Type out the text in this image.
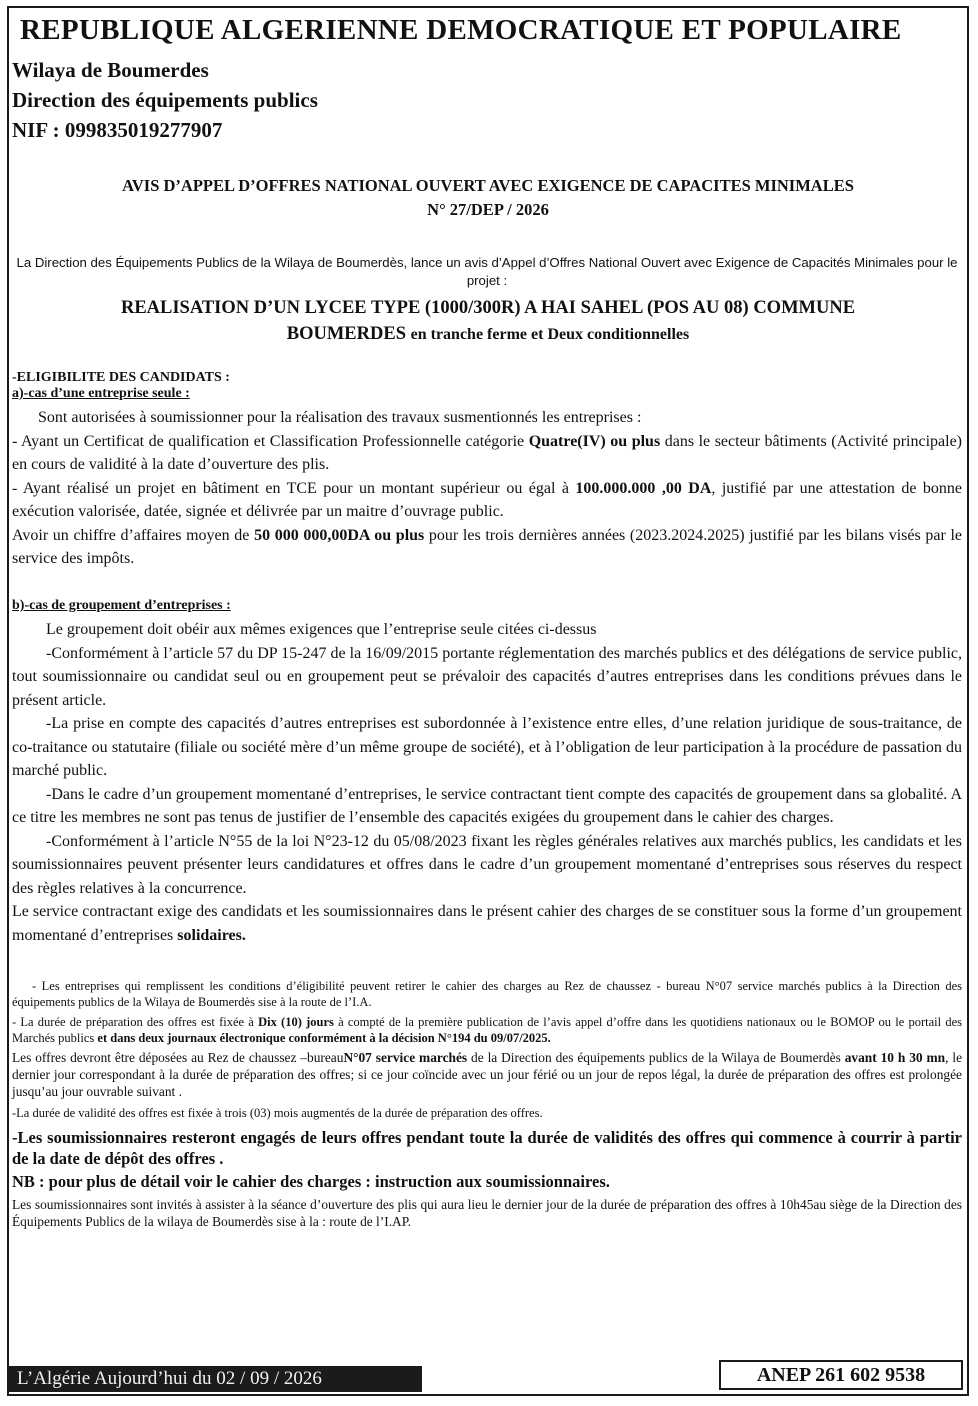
REPUBLIQUE ALGERIENNE DEMOCRATIQUE ET POPULAIRE
Wilaya de Boumerdes
Direction des équipements publics
NIF : 099835019277907
AVIS D’APPEL D’OFFRES NATIONAL OUVERT AVEC EXIGENCE DE CAPACITES MINIMALES
N° 27/DEP / 2026
La Direction des Équipements Publics de la Wilaya de Boumerdès, lance un avis d’Appel d’Offres National Ouvert avec Exigence de Capacités Minimales pour le projet :
REALISATION D’UN LYCEE TYPE (1000/300R) A HAI SAHEL (POS AU 08) COMMUNE
BOUMERDES en tranche ferme et Deux conditionnelles
-ELIGIBILITE DES CANDIDATS :
a)-cas d’une entreprise seule :

Sont autorisées à soumissionner pour la réalisation des travaux susmentionnés les entreprises :

- Ayant un Certificat de qualification et Classification Professionnelle catégorie Quatre(IV) ou plus dans le secteur bâtiments (Activité principale) en cours de validité à la date d’ouverture des plis.

- Ayant réalisé un projet en bâtiment en TCE pour un montant supérieur ou égal à 100.000.000 ,00 DA, justifié par une attestation de bonne exécution valorisée, datée, signée et délivrée par un maitre d’ouvrage public.

Avoir un chiffre d’affaires moyen de 50 000 000,00DA ou plus pour les trois dernières années (2023.2024.2025) justifié par les bilans visés par le service des impôts.

b)-cas de groupement d’entreprises :

Le groupement doit obéir aux mêmes exigences que l’entreprise seule citées ci-dessus

-Conformément à l’article 57 du DP 15-247 de la 16/09/2015 portante réglementation des marchés publics et des délégations de service public, tout soumissionnaire ou candidat seul ou en groupement peut se prévaloir des capacités d’autres entreprises dans les conditions prévues dans le présent article.

-La prise en compte des capacités d’autres entreprises est subordonnée à l’existence entre elles, d’une relation juridique de sous-traitance, de co-traitance ou statutaire (filiale ou société mère d’un même groupe de société), et à l’obligation de leur participation à la procédure de passation du marché public.

-Dans le cadre d’un groupement momentané d’entreprises, le service contractant tient compte des capacités de groupement dans sa globalité. A ce titre les membres ne sont pas tenus de justifier de l’ensemble des capacités exigées du groupement dans le cahier des charges.

-Conformément à l’article N°55 de la loi N°23-12 du 05/08/2023 fixant les règles générales relatives aux marchés publics, les candidats et les soumissionnaires peuvent présenter leurs candidatures et offres dans le cadre d’un groupement momentané d’entreprises sous réserves du respect des règles relatives à la concurrence.

Le service contractant exige des candidats et les soumissionnaires dans le présent cahier des charges de se constituer sous la forme d’un groupement momentané d’entreprises solidaires.

- Les entreprises qui remplissent les conditions d’éligibilité peuvent retirer le cahier des charges au Rez de chaussez - bureau N°07 service marchés publics à la Direction des équipements publics de la Wilaya de Boumerdès sise à la route de l’I.A.

- La durée de préparation des offres est fixée à Dix (10) jours à compté de la première publication de l’avis appel d’offre dans les quotidiens nationaux ou le BOMOP ou le portail des Marchés publics et dans deux journaux électronique conformément à la décision N°194 du 09/07/2025.

Les offres devront être déposées au Rez de chaussez –bureauN°07 service marchés de la Direction des équipements publics de la Wilaya de Boumerdès avant 10 h 30 mn, le dernier jour correspondant à la durée de préparation des offres; si ce jour coïncide avec un jour férié ou un jour de repos légal, la durée de préparation des offres est prolongée jusqu’au jour ouvrable suivant .

-La durée de validité des offres est fixée à trois (03) mois augmentés de la durée de préparation des offres.

-Les soumissionnaires resteront engagés de leurs offres pendant toute la durée de validités des offres qui commence à courrir à partir de la date de dépôt des offres .

NB : pour plus de détail voir le cahier des charges : instruction aux soumissionnaires.

Les soumissionnaires sont invités à assister à la séance d’ouverture des plis qui aura lieu le dernier jour de la durée de préparation des offres à 10h45au siège de la Direction des Équipements Publics de la wilaya de Boumerdès sise à la : route de l’I.AP.

L’Algérie Aujourd’hui du 02 / 09 / 2026	ANEP 261 602 9538
